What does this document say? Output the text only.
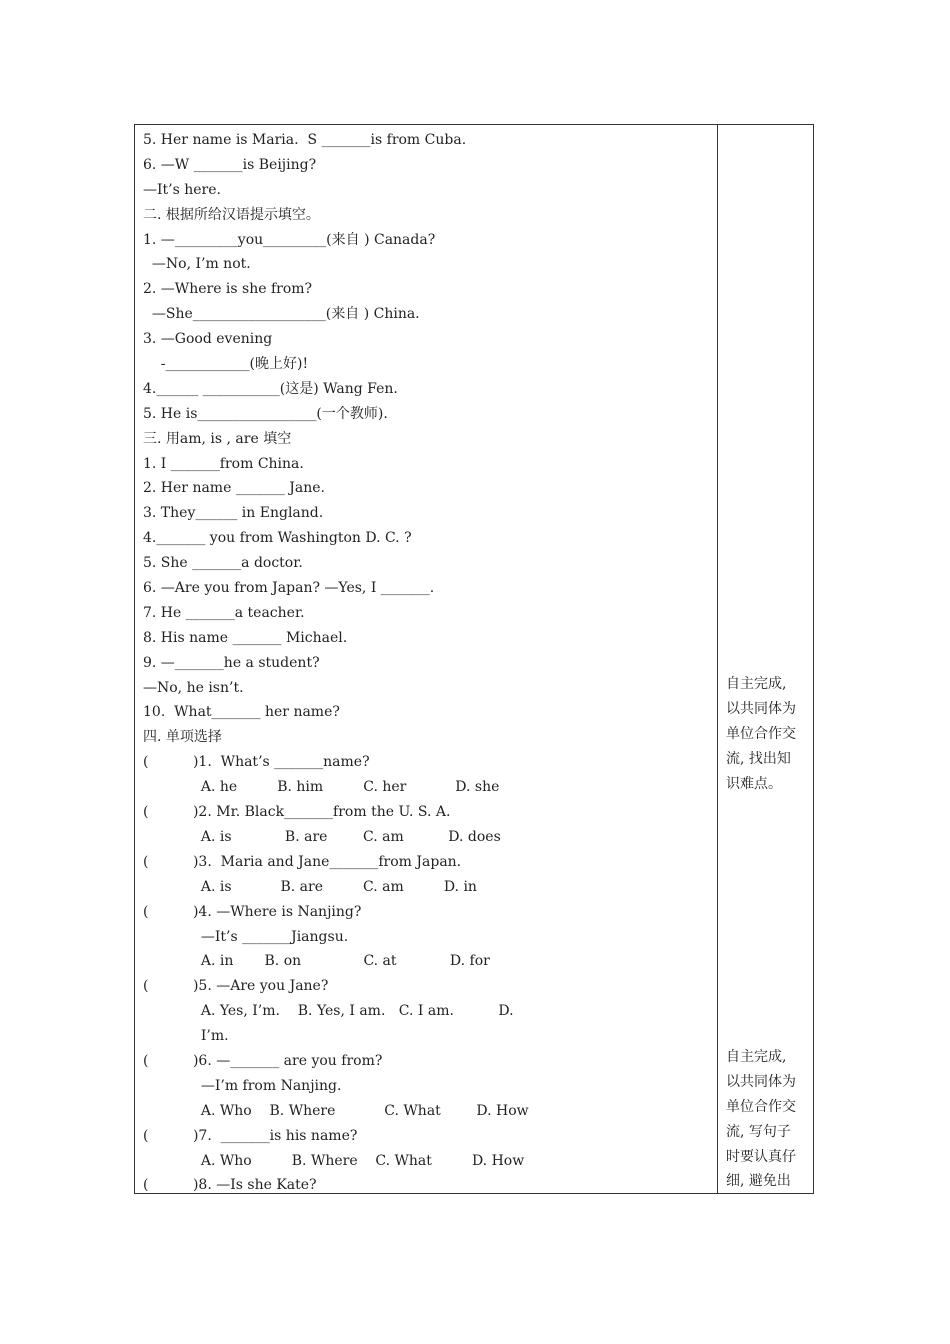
5. Her name is Maria.  S _______is from Cuba.
6. —W _______is Beijing?
—It’s here.
二. 根据所给汉语提示填空。
1. —_________you_________(来自 ) Canada?
—No, I’m not.
2. —Where is she from?
—She___________________(来自 ) China.
3. —Good evening
-____________(晚上好)!
4.______ ___________(这是) Wang Fen.
5. He is_________________(一个教师).
三. 用am, is , are 填空
1. I _______from China.
2. Her name _______ Jane.
3. They______ in England.
4._______ you from Washington D. C. ?
5. She _______a doctor.
6. —Are you from Japan? —Yes, I _______.
7. He _______a teacher.
8. His name _______ Michael.
9. —_______he a student?
—No, he isn’t.
10.  What_______ her name?
四. 单项选择
(          )1.  What’s _______name?
A. he         B. him         C. her           D. she
(          )2. Mr. Black_______from the U. S. A.
A. is            B. are        C. am          D. does
(          )3.  Maria and Jane_______from Japan.
A. is           B. are         C. am         D. in
(          )4. —Where is Nanjing?
—It’s _______Jiangsu.
A. in       B. on              C. at            D. for
(          )5. —Are you Jane?
A. Yes, I’m.    B. Yes, I am.   C. I am.          D.
I’m.
(          )6. —_______ are you from?
—I’m from Nanjing.
A. Who    B. Where           C. What        D. How
(          )7.  _______is his name?
A. Who         B. Where    C. What         D. How
(          )8. —Is she Kate?
自主完成,
以共同体为
单位合作交
流, 找出知
识难点。
自主完成,
以共同体为
单位合作交
流, 写句子
时要认真仔
细, 避免出
